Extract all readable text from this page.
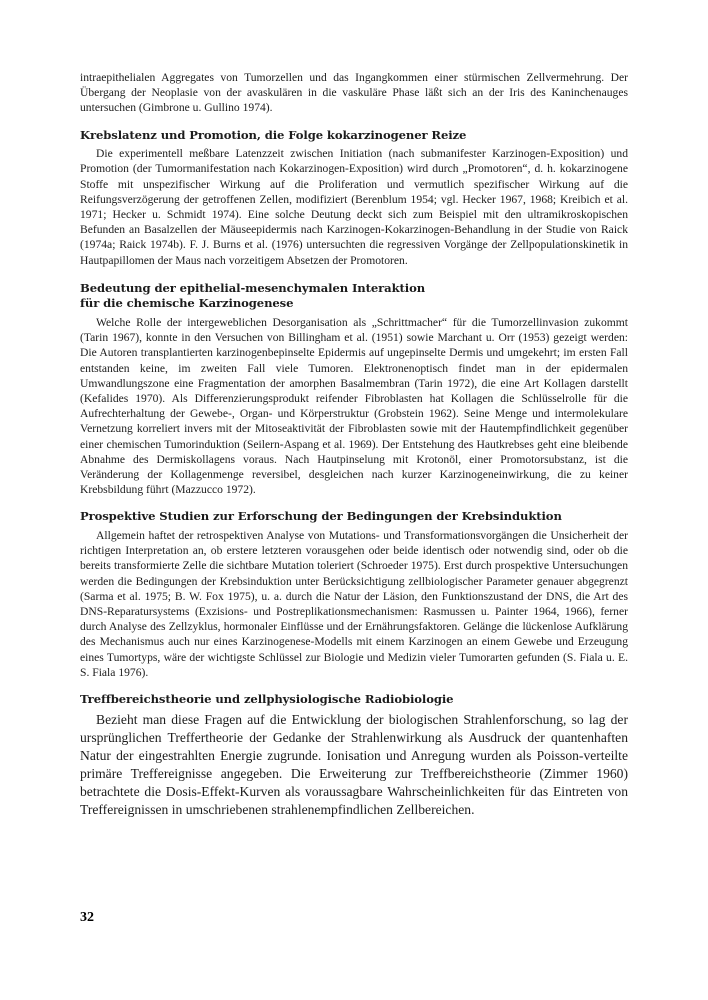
intraepithelialen Aggregates von Tumorzellen und das Ingangkommen einer stürmischen Zellvermehrung. Der Übergang der Neoplasie von der avaskulären in die vaskuläre Phase läßt sich an der Iris des Kaninchenauges untersuchen (Gimbrone u. Gullino 1974).

Krebslatenz und Promotion, die Folge kokarzinogener Reize

Die experimentell meßbare Latenzzeit zwischen Initiation (nach submanifester Karzinogen-Exposition) und Promotion (der Tumormanifestation nach Kokarzinogen-Exposition) wird durch „Promotoren“, d. h. kokarzinogene Stoffe mit unspezifischer Wirkung auf die Proliferation und vermutlich spezifischer Wirkung auf die Reifungsverzögerung der getroffenen Zellen, modifiziert (Berenblum 1954; vgl. Hecker 1967, 1968; Kreibich et al. 1971; Hecker u. Schmidt 1974). Eine solche Deutung deckt sich zum Beispiel mit den ultramikroskopischen Befunden an Basalzellen der Mäuseepidermis nach Karzinogen-Kokarzinogen-Behandlung in der Studie von Raick (1974a; Raick 1974b). F. J. Burns et al. (1976) untersuchten die regressiven Vorgänge der Zellpopulationskinetik in Hautpapillomen der Maus nach vorzeitigem Absetzen der Promotoren.

Bedeutung der epithelial-mesenchymalen Interaktion
für die chemische Karzinogenese

Welche Rolle der intergeweblichen Desorganisation als „Schrittmacher“ für die Tumorzellinvasion zukommt (Tarin 1967), konnte in den Versuchen von Billingham et al. (1951) sowie Marchant u. Orr (1953) gezeigt werden: Die Autoren transplantierten karzinogenbepinselte Epidermis auf ungepinselte Dermis und umgekehrt; im ersten Fall entstanden keine, im zweiten Fall viele Tumoren. Elektronenoptisch findet man in der epidermalen Umwandlungszone eine Fragmentation der amorphen Basalmembran (Tarin 1972), die eine Art Kollagen darstellt (Kefalides 1970). Als Differenzierungsprodukt reifender Fibroblasten hat Kollagen die Schlüsselrolle für die Aufrechterhaltung der Gewebe-, Organ- und Körperstruktur (Grobstein 1962). Seine Menge und intermolekulare Vernetzung korreliert invers mit der Mitoseaktivität der Fibroblasten sowie mit der Hautempfindlichkeit gegenüber einer chemischen Tumorinduktion (Seilern-Aspang et al. 1969). Der Entstehung des Hautkrebses geht eine bleibende Abnahme des Dermiskollagens voraus. Nach Hautpinselung mit Krotonöl, einer Promotorsubstanz, ist die Veränderung der Kollagenmenge reversibel, desgleichen nach kurzer Karzinogeneinwirkung, die zu keiner Krebsbildung führt (Mazzucco 1972).

Prospektive Studien zur Erforschung der Bedingungen der Krebsinduktion

Allgemein haftet der retrospektiven Analyse von Mutations- und Transformationsvorgängen die Unsicherheit der richtigen Interpretation an, ob erstere letzteren vorausgehen oder beide identisch oder notwendig sind, oder ob die bereits transformierte Zelle die sichtbare Mutation toleriert (Schroeder 1975). Erst durch prospektive Untersuchungen werden die Bedingungen der Krebsinduktion unter Berücksichtigung zellbiologischer Parameter genauer abgegrenzt (Sarma et al. 1975; B. W. Fox 1975), u. a. durch die Natur der Läsion, den Funktionszustand der DNS, die Art des DNS-Reparatursystems (Exzisions- und Postreplikationsmechanismen: Rasmussen u. Painter 1964, 1966), ferner durch Analyse des Zellzyklus, hormonaler Einflüsse und der Ernährungsfaktoren. Gelänge die lückenlose Aufklärung des Mechanismus auch nur eines Karzinogenese-Modells mit einem Karzinogen an einem Gewebe und Erzeugung eines Tumortyps, wäre der wichtigste Schlüssel zur Biologie und Medizin vieler Tumorarten gefunden (S. Fiala u. E. S. Fiala 1976).

Treffbereichstheorie und zellphysiologische Radiobiologie

Bezieht man diese Fragen auf die Entwicklung der biologischen Strahlenforschung, so lag der ursprünglichen Treffertheorie der Gedanke der Strahlenwirkung als Ausdruck der quantenhaften Natur der eingestrahlten Energie zugrunde. Ionisation und Anregung wurden als Poisson-verteilte primäre Treffereignisse angegeben. Die Erweiterung zur Treffbereichstheorie (Zimmer 1960) betrachtete die Dosis-Effekt-Kurven als voraussagbare Wahrscheinlichkeiten für das Eintreten von Treffereignissen in umschriebenen strahlenempfindlichen Zellbereichen.

32
